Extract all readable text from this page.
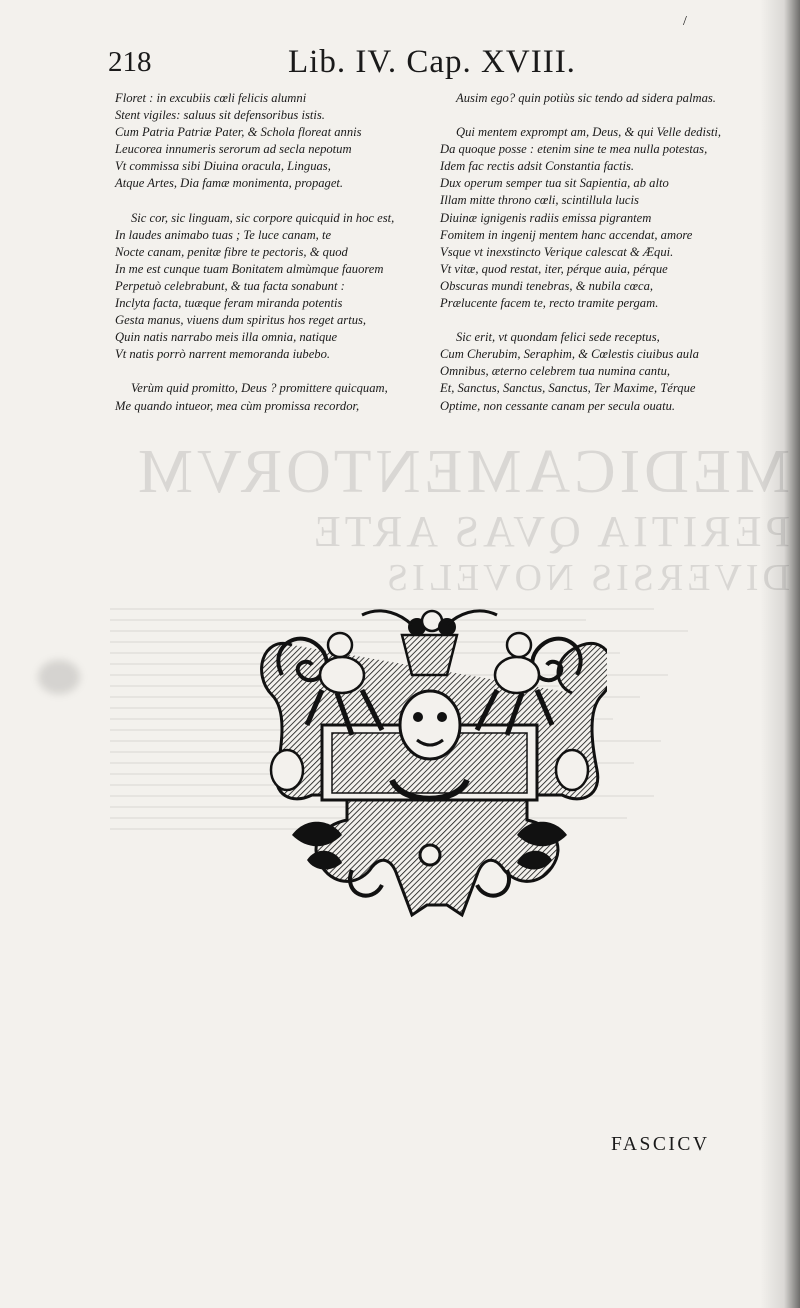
MEDICAMENTORVM
PERITIA QVAS ARTE
DIVERSIS NOVELIS
/
218	Lib. IV. Cap. XVIII.
Floret : in excubiis cœli felicis alumni
Stent vigiles: saluus sit defensoribus istis.
Cum Patria Patriæ Pater, & Schola floreat annis
Leucorea innumeris serorum ad secla nepotum
Vt commissa sibi Diuina oracula, Linguas,
Atque Artes, Dia famæ monimenta, propaget.
Sic cor, sic linguam, sic corpore quicquid in hoc est,
In laudes animabo tuas ; Te luce canam, te
Nocte canam, penitæ fibre te pectoris, & quod
In me est cunque tuam Bonitatem almùmque fauorem
Perpetuò celebrabunt, & tua facta sonabunt :
Inclyta facta, tuæque feram miranda potentis
Gesta manus, viuens dum spiritus hos reget artus,
Quin natis narrabo meis illa omnia, natique
Vt natis porrò narrent memoranda iubebo.
Verùm quid promitto, Deus ? promittere quicquam,
Me quando intueor, mea cùm promissa recordor,
Ausim ego? quin potiùs sic tendo ad sidera palmas.
Qui mentem exprompt am, Deus, & qui Velle dedisti,
Da quoque posse : etenim sine te mea nulla potestas,
Idem fac rectis adsit Constantia factis.
Dux operum semper tua sit Sapientia, ab alto
Illam mitte throno cœli, scintillula lucis
Diuinæ ignigenis radiis emissa pigrantem
Fomitem in ingenij mentem hanc accendat, amore
Vsque vt inexstincto Verique calescat & Æqui.
Vt vitæ, quod restat, iter, pérque auia, pérque
Obscuras mundi tenebras, & nubila cœca,
Prælucente facem te, recto tramite pergam.
Sic erit, vt quondam felici sede receptus,
Cum Cherubim, Seraphim, & Cœlestis ciuibus aula
Omnibus, æterno celebrem tua numina cantu,
Et, Sanctus, Sanctus, Sanctus, Ter Maxime, Térque
Optime, non cessante canam per secula ouatu.
FASCICV
